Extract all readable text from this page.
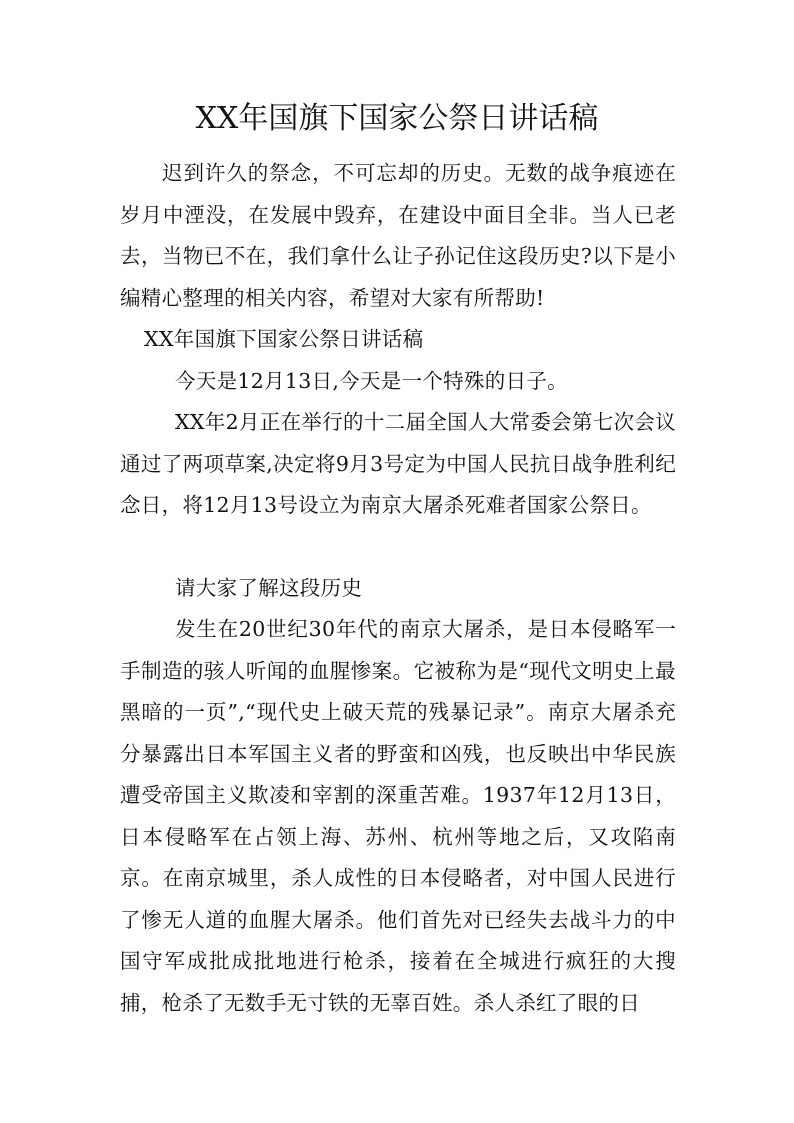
XX年国旗下国家公祭日讲话稿

迟到许久的祭念，不可忘却的历史。无数的战争痕迹在岁月中湮没，在发展中毁弃，在建设中面目全非。当人已老去，当物已不在，我们拿什么让子孙记住这段历史?以下是小编精心整理的相关内容，希望对大家有所帮助!

XX年国旗下国家公祭日讲话稿

今天是12月13日,今天是一个特殊的日子。

XX年2月正在举行的十二届全国人大常委会第七次会议通过了两项草案,决定将9月3号定为中国人民抗日战争胜利纪念日，将12月13号设立为南京大屠杀死难者国家公祭日。

请大家了解这段历史

发生在20世纪30年代的南京大屠杀，是日本侵略军一手制造的骇人听闻的血腥惨案。它被称为是“现代文明史上最黑暗的一页”,“现代史上破天荒的残暴记录”。南京大屠杀充分暴露出日本军国主义者的野蛮和凶残，也反映出中华民族遭受帝国主义欺凌和宰割的深重苦难。1937年12月13日，日本侵略军在占领上海、苏州、杭州等地之后，又攻陷南京。在南京城里，杀人成性的日本侵略者，对中国人民进行了惨无人道的血腥大屠杀。他们首先对已经失去战斗力的中国守军成批成批地进行枪杀，接着在全城进行疯狂的大搜捕，枪杀了无数手无寸铁的无辜百姓。杀人杀红了眼的日
